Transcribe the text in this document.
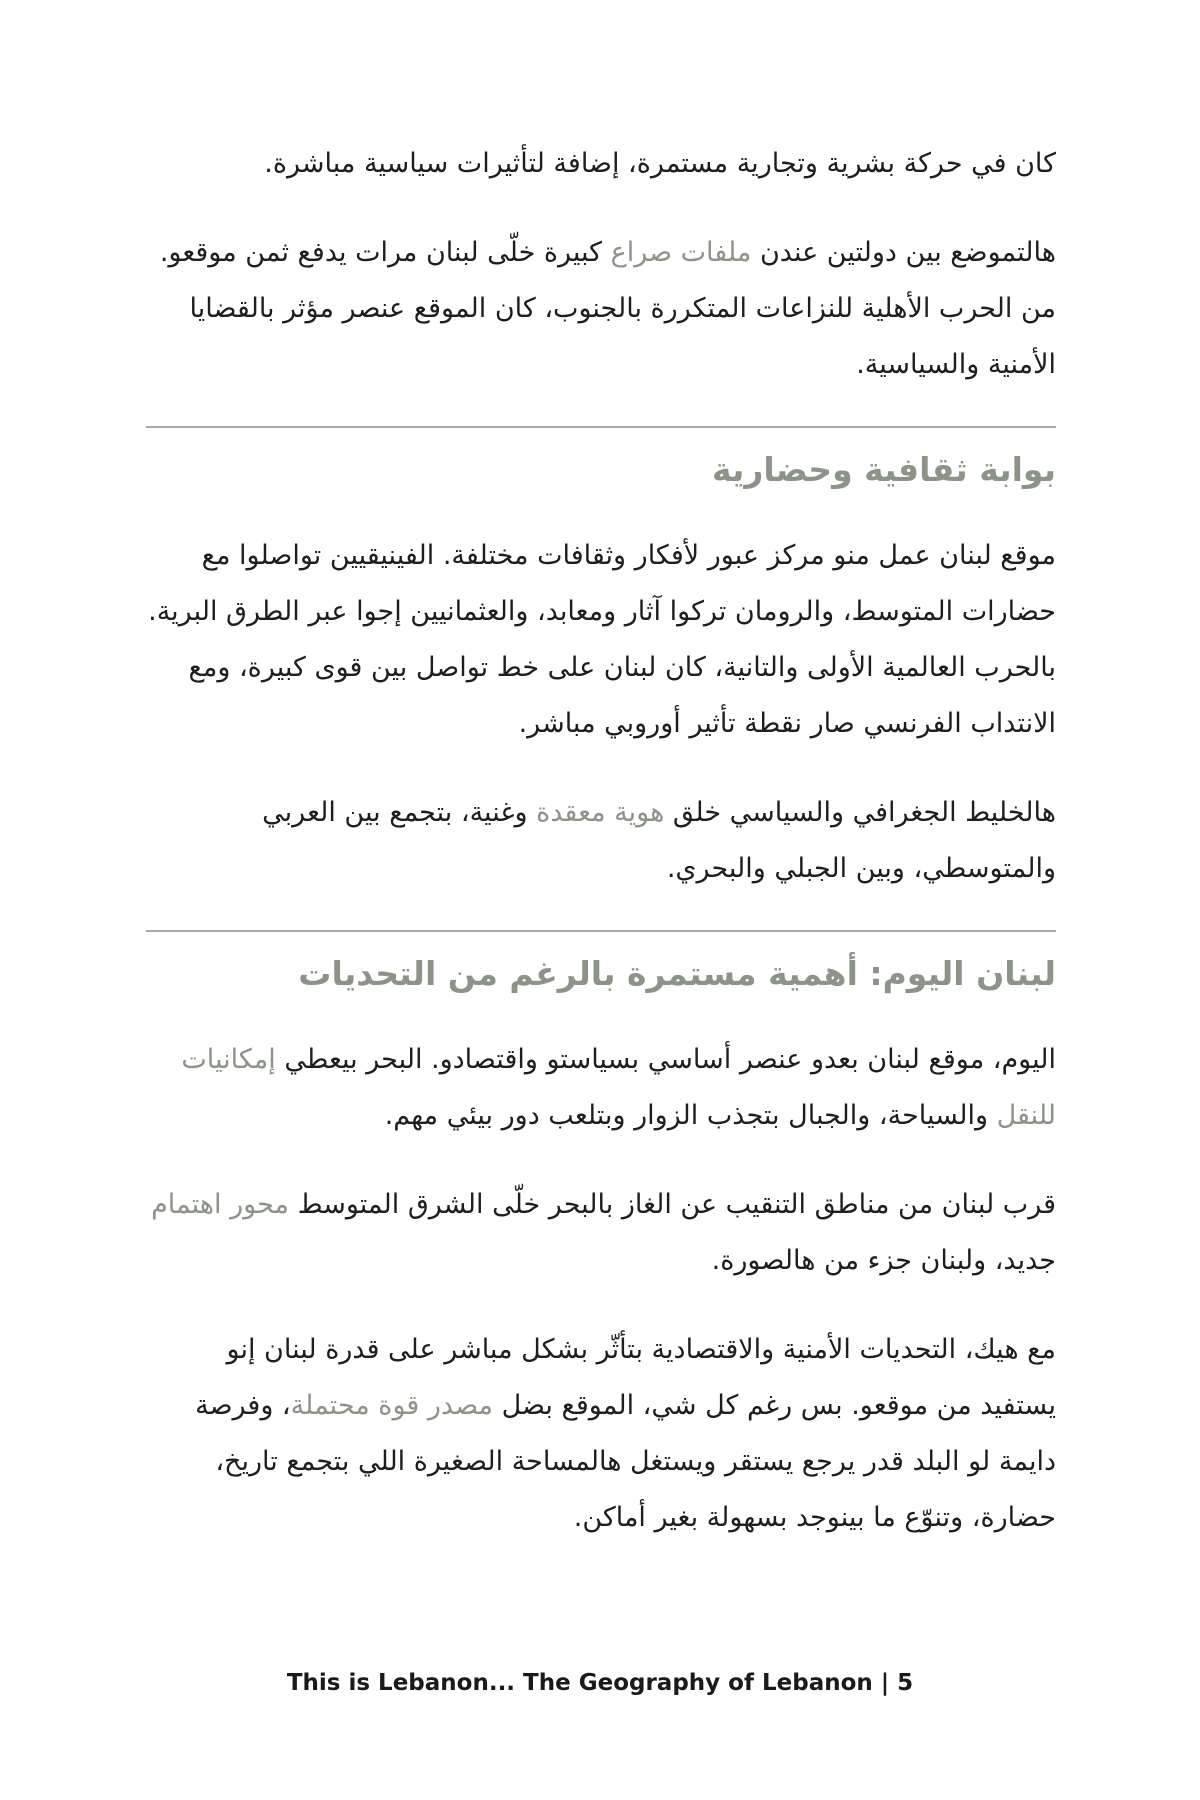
كان في حركة بشرية وتجارية مستمرة، إضافة لتأثيرات سياسية مباشرة.

هالتموضع بين دولتين عندن ملفات صراع كبيرة خلّى لبنان مرات يدفع ثمن موقعو. من الحرب الأهلية للنزاعات المتكررة بالجنوب، كان الموقع عنصر مؤثر بالقضايا الأمنية والسياسية.

بوابة ثقافية وحضارية

موقع لبنان عمل منو مركز عبور لأفكار وثقافات مختلفة. الفينيقيين تواصلوا مع حضارات المتوسط، والرومان تركوا آثار ومعابد، والعثمانيين إجوا عبر الطرق البرية. بالحرب العالمية الأولى والتانية، كان لبنان على خط تواصل بين قوى كبيرة، ومع الانتداب الفرنسي صار نقطة تأثير أوروبي مباشر.

هالخليط الجغرافي والسياسي خلق هوية معقدة وغنية، بتجمع بين العربي والمتوسطي، وبين الجبلي والبحري.

لبنان اليوم: أهمية مستمرة بالرغم من التحديات

اليوم، موقع لبنان بعدو عنصر أساسي بسياستو واقتصادو. البحر بيعطي إمكانيات للنقل والسياحة، والجبال بتجذب الزوار وبتلعب دور بيئي مهم.

قرب لبنان من مناطق التنقيب عن الغاز بالبحر خلّى الشرق المتوسط محور اهتمام جديد، ولبنان جزء من هالصورة.

مع هيك، التحديات الأمنية والاقتصادية بتأثّر بشكل مباشر على قدرة لبنان إنو يستفيد من موقعو. بس رغم كل شي، الموقع بضل مصدر قوة محتملة، وفرصة دايمة لو البلد قدر يرجع يستقر ويستغل هالمساحة الصغيرة اللي بتجمع تاريخ، حضارة، وتنوّع ما بينوجد بسهولة بغير أماكن.

This is Lebanon... The Geography of Lebanon | 5
